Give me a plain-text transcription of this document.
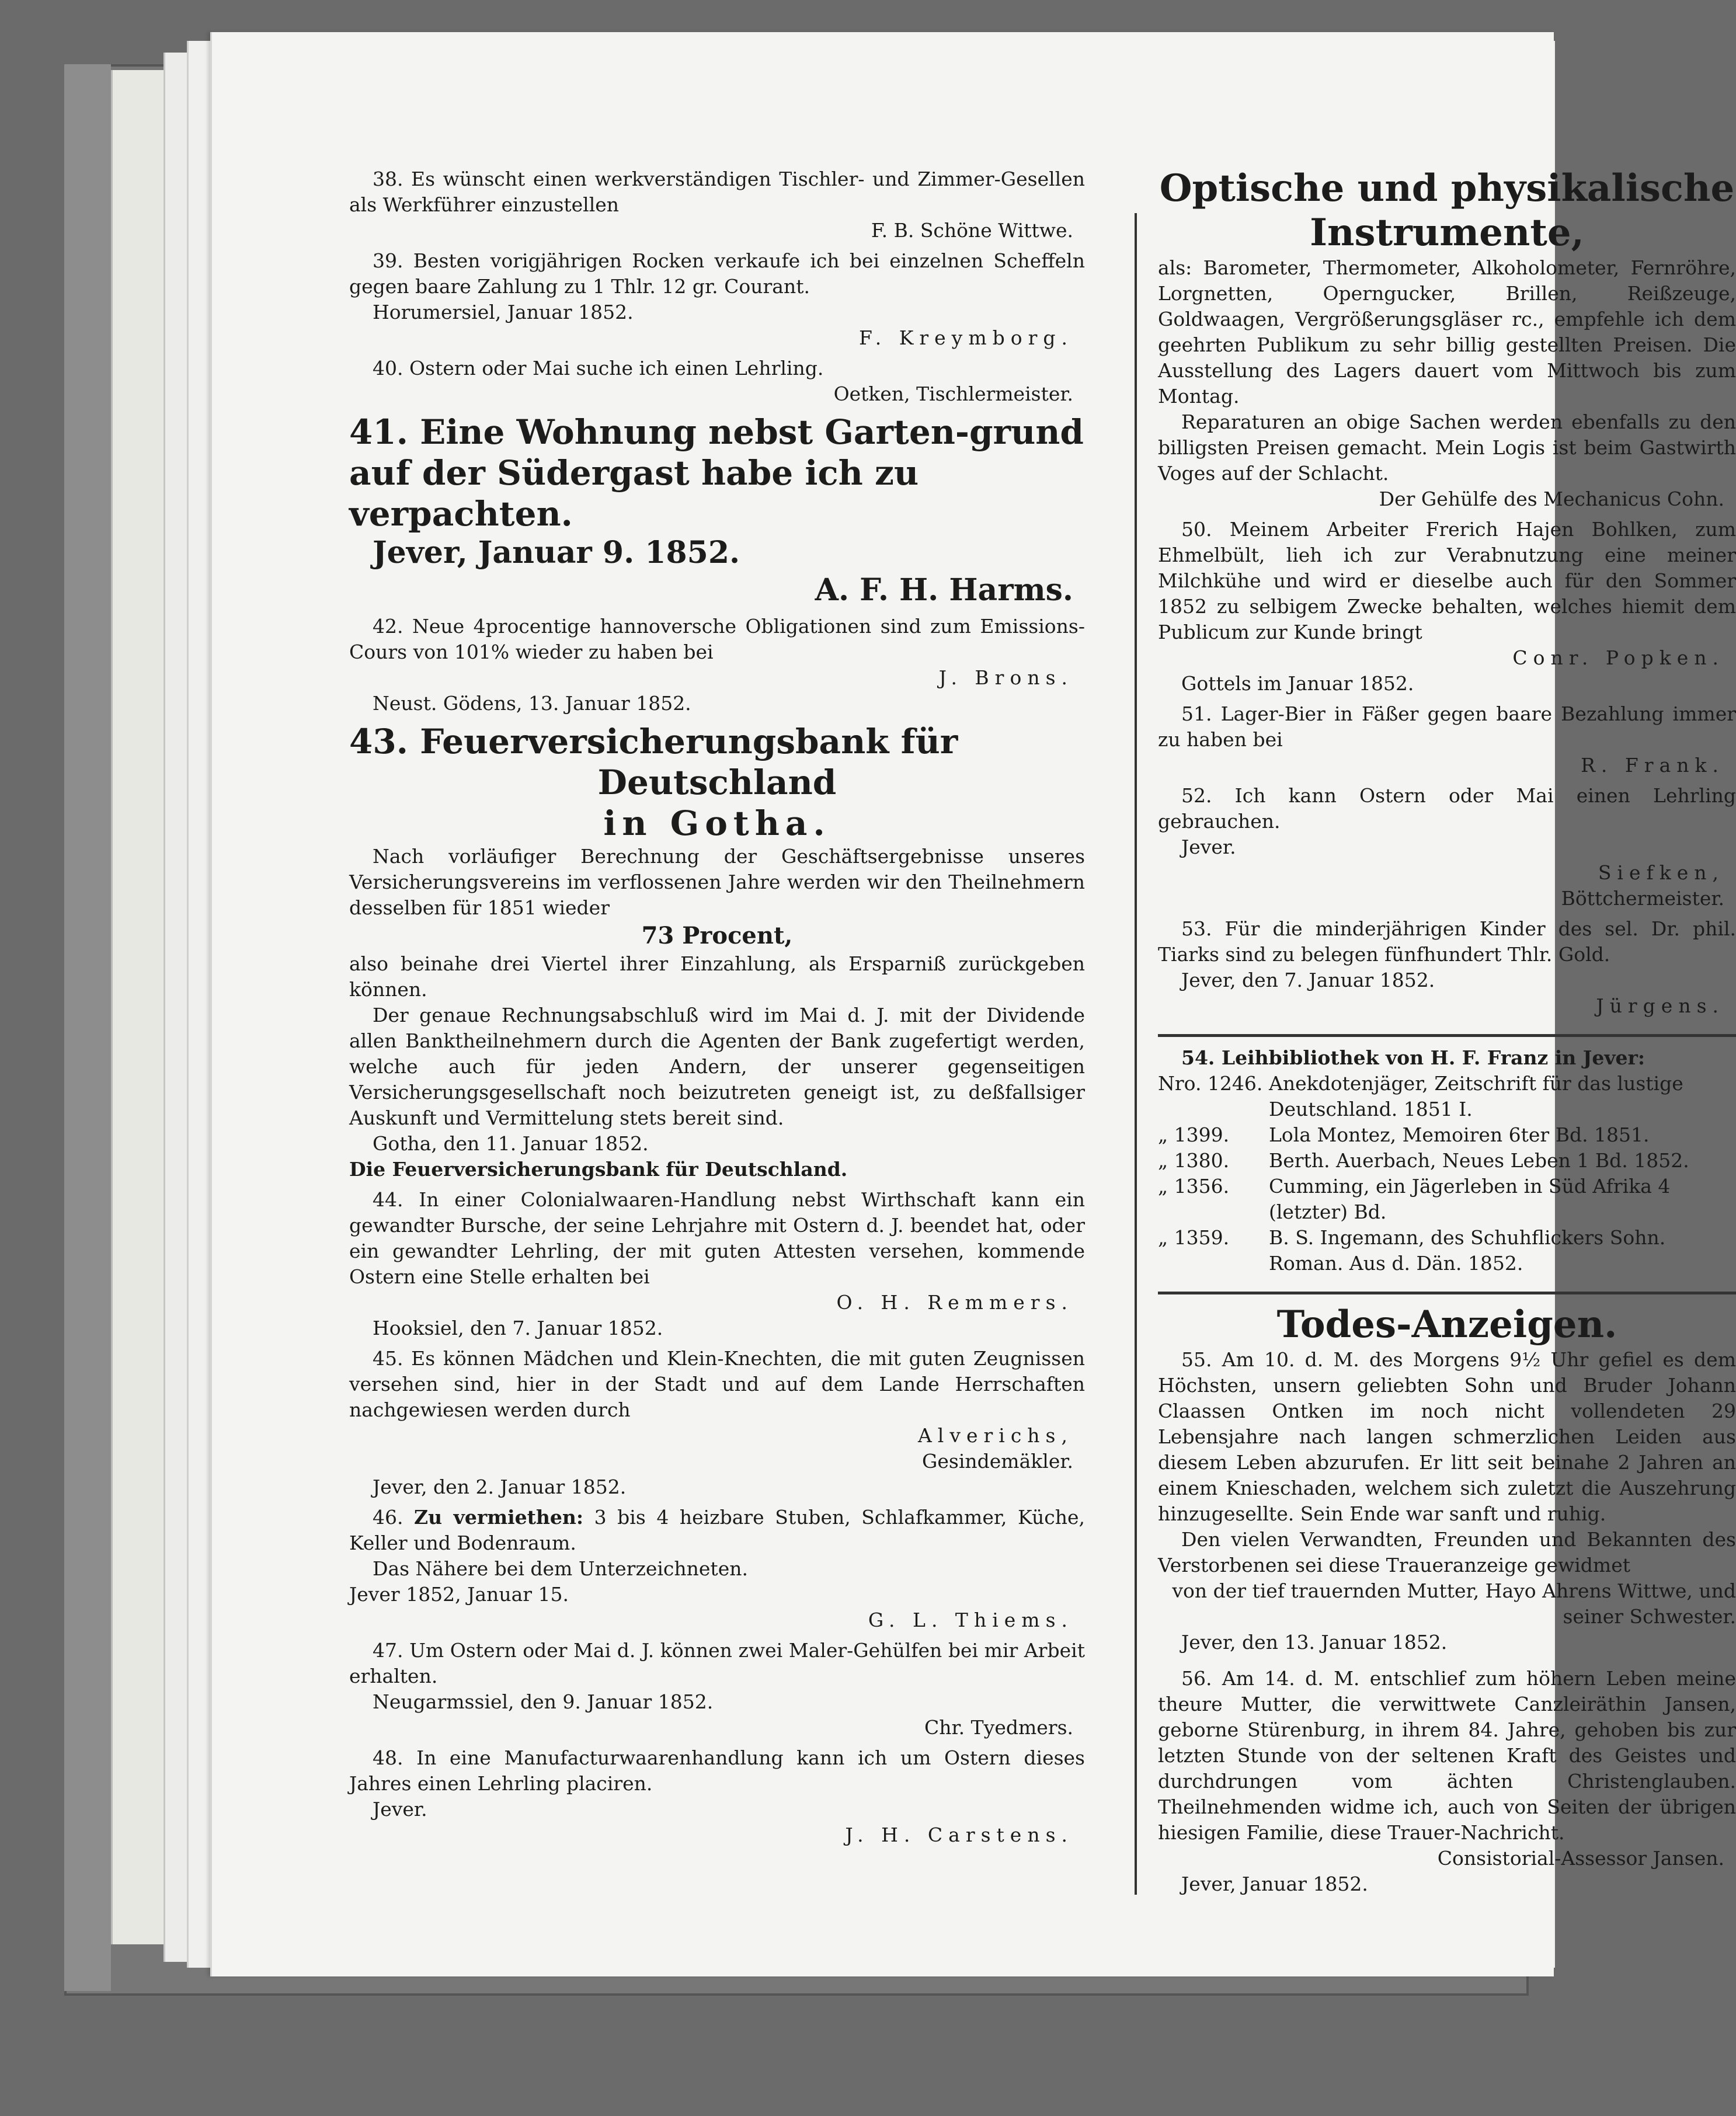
38. Es wünscht einen werkverständigen Tischler- und Zimmer-Gesellen als Werkführer einzustellen

F. B. Schöne Wittwe.

39. Besten vorigjährigen Rocken verkaufe ich bei einzelnen Scheffeln gegen baare Zahlung zu 1 Thlr. 12 gr. Courant.

Horumersiel, Januar 1852.

F. Kreymborg.

40. Ostern oder Mai suche ich einen Lehrling.

Oetken, Tischlermeister.

41. Eine Wohnung nebst Garten-grund auf der Südergast habe ich zu verpachten.

Jever, Januar 9. 1852.

A. F. H. Harms.

42. Neue 4procentige hannoversche Obligationen sind zum Emissions-Cours von 101% wieder zu haben bei

J. Brons.

Neust. Gödens, 13. Januar 1852.

43. Feuerversicherungsbank für

Deutschland

in Gotha.

Nach vorläufiger Berechnung der Geschäftsergebnisse unseres Versicherungsvereins im verflossenen Jahre werden wir den Theilnehmern desselben für 1851 wieder

73 Procent,

also beinahe drei Viertel ihrer Einzahlung, als Ersparniß zurückgeben können.

Der genaue Rechnungsabschluß wird im Mai d. J. mit der Dividende allen Banktheilnehmern durch die Agenten der Bank zugefertigt werden, welche auch für jeden Andern, der unserer gegenseitigen Versicherungsgesellschaft noch beizutreten geneigt ist, zu deßfallsiger Auskunft und Vermittelung stets bereit sind.

Gotha, den 11. Januar 1852.

Die Feuerversicherungsbank für Deutschland.

44. In einer Colonialwaaren-Handlung nebst Wirthschaft kann ein gewandter Bursche, der seine Lehrjahre mit Ostern d. J. beendet hat, oder ein gewandter Lehrling, der mit guten Attesten versehen, kommende Ostern eine Stelle erhalten bei

O. H. Remmers.

Hooksiel, den 7. Januar 1852.

45. Es können Mädchen und Klein-Knechten, die mit guten Zeugnissen versehen sind, hier in der Stadt und auf dem Lande Herrschaften nachgewiesen werden durch

Alverichs,

Gesindemäkler.

Jever, den 2. Januar 1852.

46. Zu vermiethen: 3 bis 4 heizbare Stuben, Schlafkammer, Küche, Keller und Bodenraum.

Das Nähere bei dem Unterzeichneten.

Jever 1852, Januar 15.

G. L. Thiems.

47. Um Ostern oder Mai d. J. können zwei Maler-Gehülfen bei mir Arbeit erhalten.

Neugarmssiel, den 9. Januar 1852.

Chr. Tyedmers.

48. In eine Manufacturwaarenhandlung kann ich um Ostern dieses Jahres einen Lehrling placiren.

Jever.

J. H. Carstens.

Optische und physikalische

Instrumente,

als: Barometer, Thermometer, Alkoholometer, Fernröhre, Lorgnetten, Operngucker, Brillen, Reißzeuge, Goldwaagen, Vergrößerungsgläser rc., empfehle ich dem geehrten Publikum zu sehr billig gestellten Preisen. Die Ausstellung des Lagers dauert vom Mittwoch bis zum Montag.

Reparaturen an obige Sachen werden ebenfalls zu den billigsten Preisen gemacht. Mein Logis ist beim Gastwirth Voges auf der Schlacht.

Der Gehülfe des Mechanicus Cohn.

50. Meinem Arbeiter Frerich Hajen Bohlken, zum Ehmelbült, lieh ich zur Verabnutzung eine meiner Milchkühe und wird er dieselbe auch für den Sommer 1852 zu selbigem Zwecke behalten, welches hiemit dem Publicum zur Kunde bringt

Conr. Popken.

Gottels im Januar 1852.

51. Lager-Bier in Fäßer gegen baare Bezahlung immer zu haben bei

R. Frank.

52. Ich kann Ostern oder Mai einen Lehrling gebrauchen.

Jever.

Siefken,

Böttchermeister.

53. Für die minderjährigen Kinder des sel. Dr. phil. Tiarks sind zu belegen fünfhundert Thlr. Gold.

Jever, den 7. Januar 1852.

Jürgens.

54. Leihbibliothek von H. F. Franz in Jever:

Nro. 1246. Anekdotenjäger, Zeitschrift für das lustige Deutschland. 1851 I.
„ 1399.	Lola Montez, Memoiren 6ter Bd. 1851.
„ 1380.	Berth. Auerbach, Neues Leben 1 Bd. 1852.
„ 1356.	Cumming, ein Jägerleben in Süd Afrika 4 (letzter) Bd.
„ 1359.	B. S. Ingemann, des Schuhflickers Sohn. Roman. Aus d. Dän. 1852.

Todes-Anzeigen.

55. Am 10. d. M. des Morgens 9½ Uhr gefiel es dem Höchsten, unsern geliebten Sohn und Bruder Johann Claassen Ontken im noch nicht vollendeten 29 Lebensjahre nach langen schmerzlichen Leiden aus diesem Leben abzurufen. Er litt seit beinahe 2 Jahren an einem Knieschaden, welchem sich zuletzt die Auszehrung hinzugesellte. Sein Ende war sanft und ruhig.

Den vielen Verwandten, Freunden und Bekannten des Verstorbenen sei diese Traueranzeige gewidmet

von der tief trauernden Mutter, Hayo Ahrens Wittwe, und seiner Schwester.

Jever, den 13. Januar 1852.

56. Am 14. d. M. entschlief zum höhern Leben meine theure Mutter, die verwittwete Canzleiräthin Jansen, geborne Stürenburg, in ihrem 84. Jahre, gehoben bis zur letzten Stunde von der seltenen Kraft des Geistes und durchdrungen vom ächten Christenglauben. Theilnehmenden widme ich, auch von Seiten der übrigen hiesigen Familie, diese Trauer-Nachricht.

Consistorial-Assessor Jansen.

Jever, Januar 1852.
